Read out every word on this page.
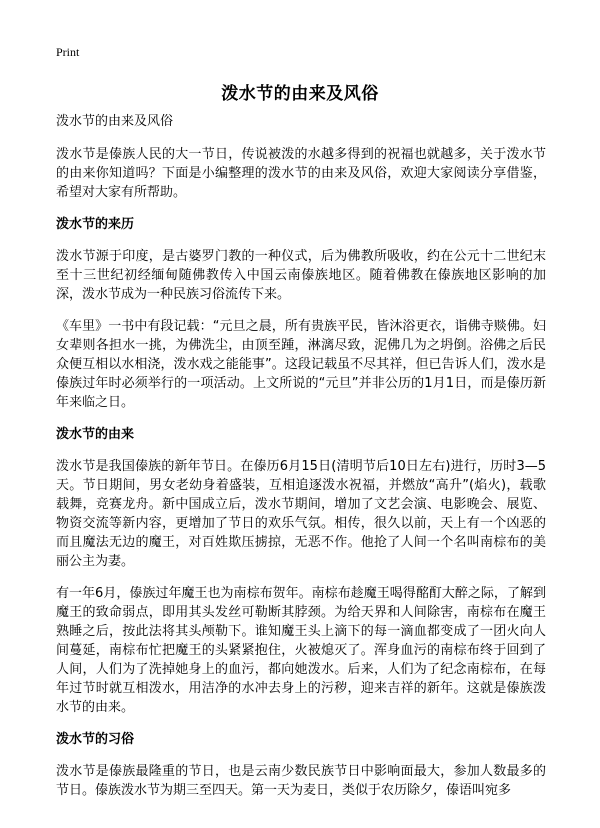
Print
泼水节的由来及风俗

泼水节的由来及风俗

泼水节是傣族人民的大一节日，传说被泼的水越多得到的祝福也就越多，关于泼水节的由来你知道吗？下面是小编整理的泼水节的由来及风俗，欢迎大家阅读分享借鉴，希望对大家有所帮助。

泼水节的来历

泼水节源于印度，是古婆罗门教的一种仪式，后为佛教所吸收，约在公元十二世纪末至十三世纪初经缅甸随佛教传入中国云南傣族地区。随着佛教在傣族地区影响的加深，泼水节成为一种民族习俗流传下来。

《车里》一书中有段记载：“元旦之晨，所有贵族平民，皆沐浴更衣，诣佛寺赕佛。妇女辈则各担水一挑，为佛洗尘，由顶至踵，淋漓尽致，泥佛几为之坍倒。浴佛之后民众便互相以水相浇，泼水戏之能能事”。这段记载虽不尽其祥，但已告诉人们，泼水是傣族过年时必须举行的一项活动。上文所说的“元旦”并非公历的1月1日，而是傣历新年来临之日。

泼水节的由来

泼水节是我国傣族的新年节日。在傣历6月15日(清明节后10日左右)进行，历时3—5天。节日期间，男女老幼身着盛装，互相追逐泼水祝福，并燃放“高升”(焰火)，载歌载舞，竞赛龙舟。新中国成立后，泼水节期间，增加了文艺会演、电影晚会、展览、物资交流等新内容，更增加了节日的欢乐气氛。相传，很久以前，天上有一个凶恶的而且魔法无边的魔王，对百姓欺压掳掠，无恶不作。他抢了人间一个名叫南棕布的美丽公主为妻。

有一年6月，傣族过年魔王也为南棕布贺年。南棕布趁魔王喝得酩酊大醉之际，了解到魔王的致命弱点，即用其头发丝可勒断其脖颈。为给天界和人间除害，南棕布在魔王熟睡之后，按此法将其头颅勒下。谁知魔王头上滴下的每一滴血都变成了一团火向人间蔓延，南棕布忙把魔王的头紧紧抱住，火被熄灭了。浑身血污的南棕布终于回到了人间，人们为了洗掉她身上的血污，都向她泼水。后来，人们为了纪念南棕布，在每年过节时就互相泼水，用洁净的水冲去身上的污秽，迎来吉祥的新年。这就是傣族泼水节的由来。

泼水节的习俗

泼水节是傣族最隆重的节日，也是云南少数民族节日中影响面最大，参加人数最多的节日。傣族泼水节为期三至四天。第一天为麦日，类似于农历除夕，傣语叫宛多
